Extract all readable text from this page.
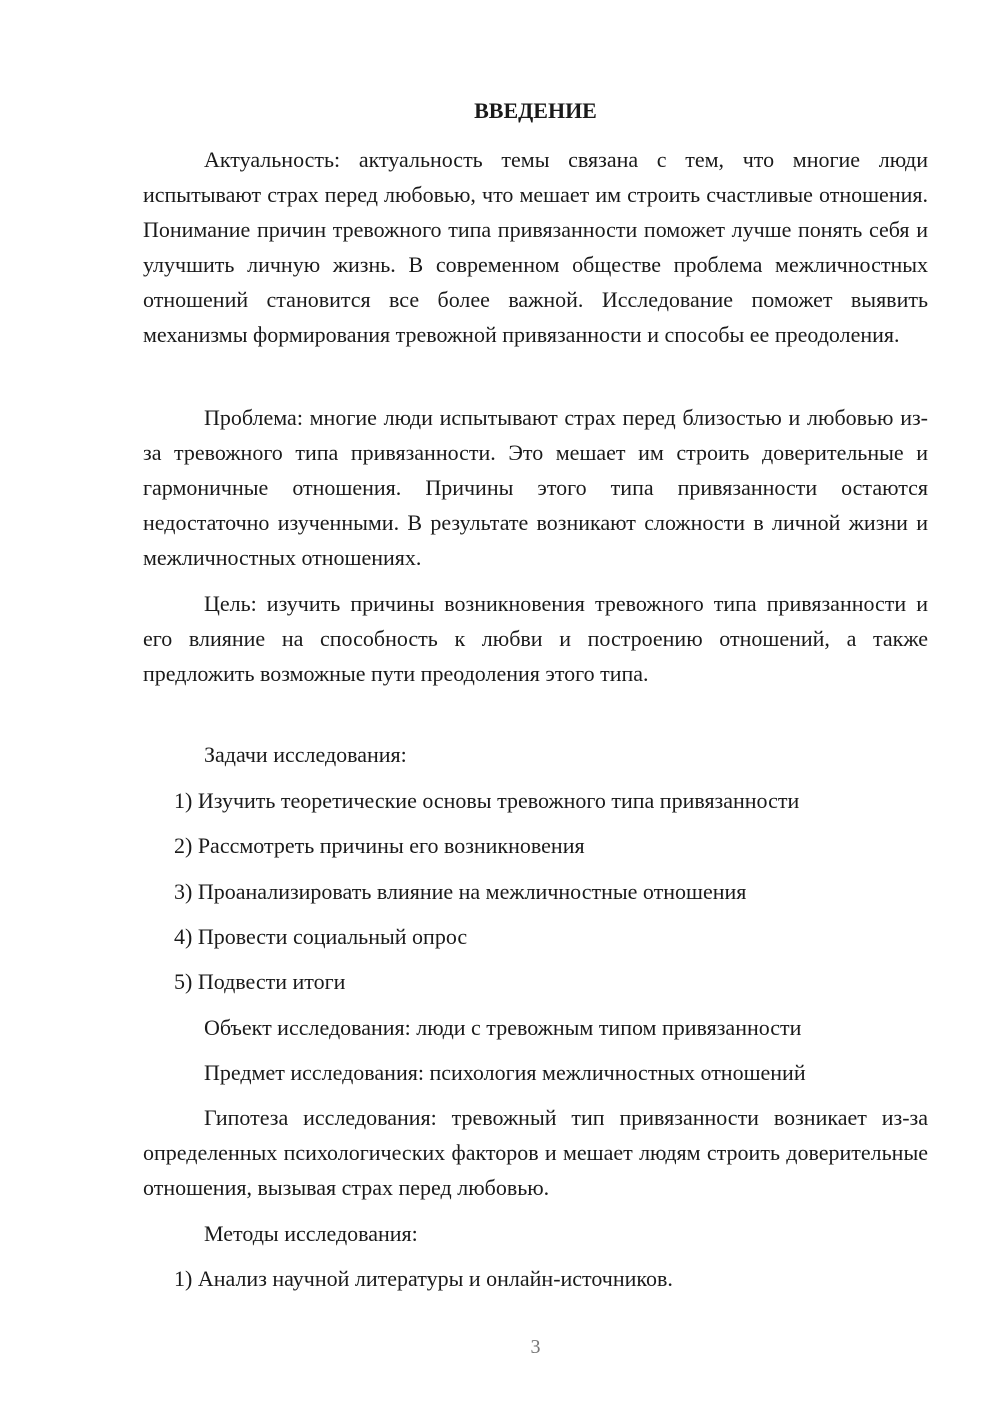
ВВЕДЕНИЕ

Актуальность: актуальность темы связана с тем, что многие люди испытывают страх перед любовью, что мешает им строить счастливые отношения. Понимание причин тревожного типа привязанности поможет лучше понять себя и улучшить личную жизнь. В современном обществе проблема межличностных отношений становится все более важной. Исследование поможет выявить механизмы формирования тревожной привязанности и способы ее преодоления.

Проблема: многие люди испытывают страх перед близостью и любовью из-за тревожного типа привязанности. Это мешает им строить доверительные и гармоничные отношения. Причины этого типа привязанности остаются недостаточно изученными. В результате возникают сложности в личной жизни и межличностных отношениях.

Цель: изучить причины возникновения тревожного типа привязанности и его влияние на способность к любви и построению отношений, а также предложить возможные пути преодоления этого типа.

Задачи исследования:

1) Изучить теоретические основы тревожного типа привязанности

2) Рассмотреть причины его возникновения

3) Проанализировать влияние на межличностные отношения

4) Провести социальный опрос

5) Подвести итоги

Объект исследования: люди с тревожным типом привязанности

Предмет исследования: психология межличностных отношений

Гипотеза исследования: тревожный тип привязанности возникает из-за определенных психологических факторов и мешает людям строить доверительные отношения, вызывая страх перед любовью.

Методы исследования:

1) Анализ научной литературы и онлайн-источников.

3
